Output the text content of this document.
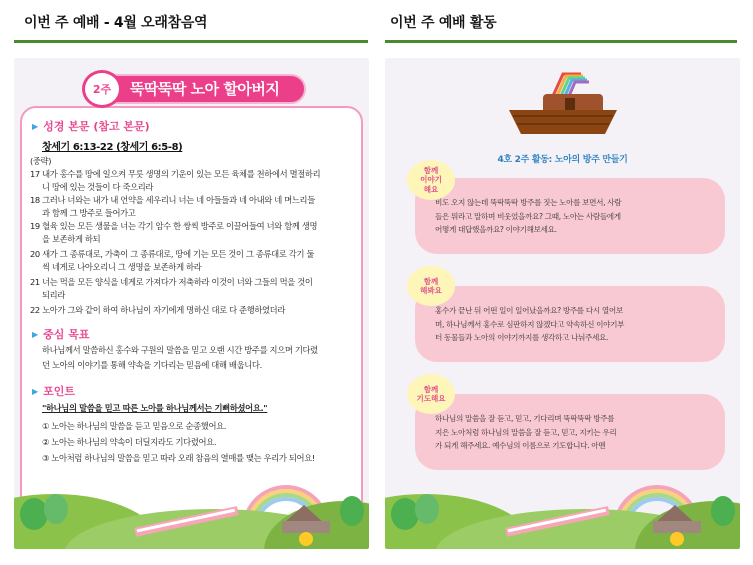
이번 주 예배 - 4월 오래참음역	이번 주 예배 활동
2주	뚝딱뚝딱 노아 할아버지
▶ 성경 본문 (참고 본문)
창세기 6:13-22 (창세기 6:5-8)
(중략)
17 내가 홍수를 땅에 일으켜 무릇 생명의 기운이 있는 모든 육체를 천하에서 멸절하리
니 땅에 있는 것들이 다 죽으리라
18 그러나 너와는 내가 내 언약을 세우리니 너는 네 아들들과 네 아내와 네 며느리들
과 함께 그 방주로 들어가고
19 혈육 있는 모든 생물을 너는 각기 암수 한 쌍씩 방주로 이끌어들여 너와 함께 생명
을 보존하게 하되
20 새가 그 종류대로, 가축이 그 종류대로, 땅에 기는 모든 것이 그 종류대로 각기 둘
씩 네게로 나아오리니 그 생명을 보존하게 하라
21 너는 먹을 모든 양식을 네게로 가져다가 저축하라 이것이 너와 그들의 먹을 것이
되리라
22 노아가 그와 같이 하여 하나님이 자기에게 명하신 대로 다 준행하였더라
▶ 중심 목표
하나님께서 말씀하신 홍수와 구원의 말씀을 믿고 오랜 시간 방주를 지으며 기다렸
던 노아의 이야기를 통해 약속을 기다리는 믿음에 대해 배웁니다.
▶ 포인트
"하나님의 말씀을 믿고 따른 노아를 하나님께서는 기뻐하셨어요."
① 노아는 하나님의 말씀을 듣고 믿음으로 순종했어요.
② 노아는 하나님의 약속이 더딜지라도 기다렸어요.
③ 노아처럼 하나님의 말씀을 믿고 따라 오래 참음의 열매를 맺는 우리가 되어요!
4호 2주 활동: 노아의 방주 만들기
비도 오지 않는데 뚝딱뚝딱 방주를 짓는 노아를 보면서, 사람
들은 뭐라고 말하며 비웃었을까요? 그때, 노아는 사람들에게
어떻게 대답했을까요? 이야기해보세요.
함께
이야기
해요
홍수가 끝난 뒤 어떤 일이 일어났을까요? 방주를 다시 열어보
며, 하나님께서 홍수로 심판하지 않겠다고 약속하신 이야기부
터 동물들과 노아의 이야기까지를 생각하고 나눠주세요.
함께
해봐요
하나님의 말씀을 잘 듣고, 믿고, 기다리며 뚝딱뚝딱 방주를
지은 노아처럼 하나님의 말씀을 잘 듣고, 믿고, 지키는 우리
가 되게 해주세요. 예수님의 이름으로 기도합니다. 아멘
함께
기도해요
